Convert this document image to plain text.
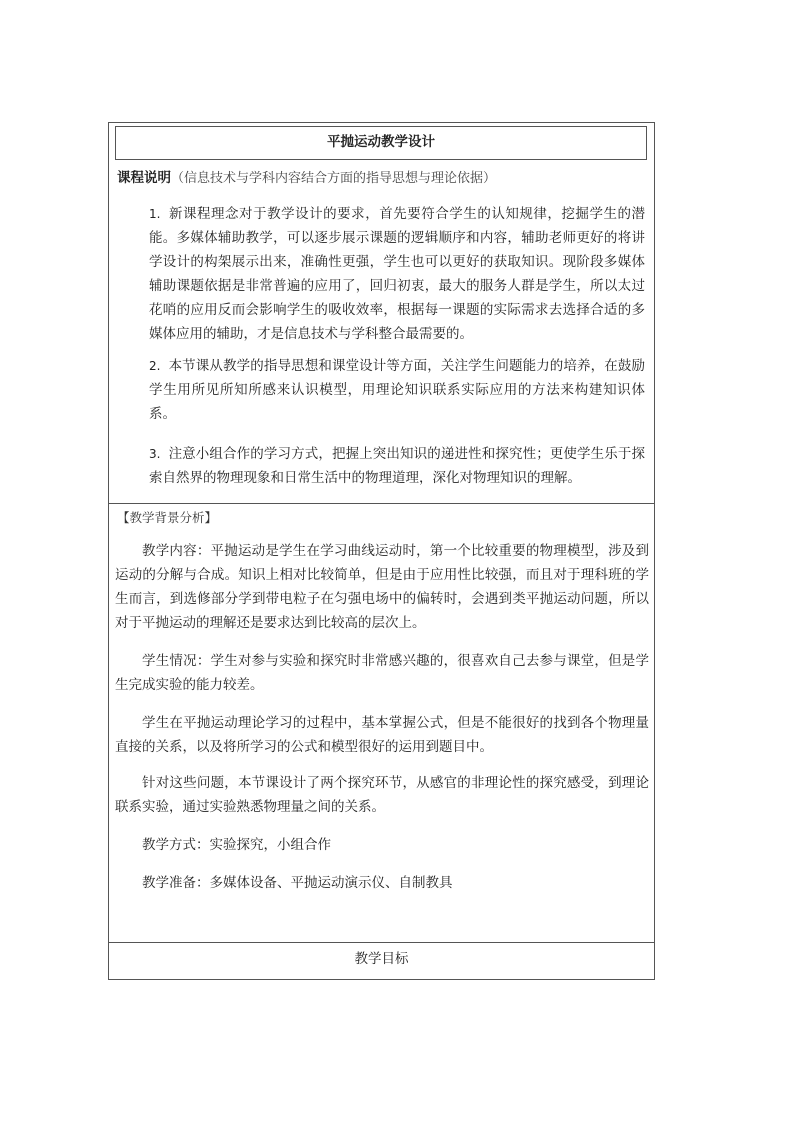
平抛运动教学设计
课程说明（信息技术与学科内容结合方面的指导思想与理论依据）
1. 新课程理念对于教学设计的要求，首先要符合学生的认知规律，挖掘学生的潜能。多媒体辅助教学，可以逐步展示课题的逻辑顺序和内容，辅助老师更好的将讲学设计的构架展示出来，准确性更强，学生也可以更好的获取知识。现阶段多媒体辅助课题依据是非常普遍的应用了，回归初衷，最大的服务人群是学生，所以太过花哨的应用反而会影响学生的吸收效率，根据每一课题的实际需求去选择合适的多媒体应用的辅助，才是信息技术与学科整合最需要的。
2. 本节课从教学的指导思想和课堂设计等方面，关注学生问题能力的培养，在鼓励学生用所见所知所感来认识模型，用理论知识联系实际应用的方法来构建知识体系。
3. 注意小组合作的学习方式，把握上突出知识的递进性和探究性；更使学生乐于探索自然界的物理现象和日常生活中的物理道理，深化对物理知识的理解。
【教学背景分析】
教学内容：平抛运动是学生在学习曲线运动时，第一个比较重要的物理模型，涉及到运动的分解与合成。知识上相对比较简单，但是由于应用性比较强，而且对于理科班的学生而言，到选修部分学到带电粒子在匀强电场中的偏转时，会遇到类平抛运动问题，所以对于平抛运动的理解还是要求达到比较高的层次上。
学生情况：学生对参与实验和探究时非常感兴趣的，很喜欢自己去参与课堂，但是学生完成实验的能力较差。
学生在平抛运动理论学习的过程中，基本掌握公式，但是不能很好的找到各个物理量直接的关系，以及将所学习的公式和模型很好的运用到题目中。
针对这些问题，本节课设计了两个探究环节，从感官的非理论性的探究感受，到理论联系实验，通过实验熟悉物理量之间的关系。
教学方式：实验探究，小组合作
教学准备：多媒体设备、平抛运动演示仪、自制教具
教学目标
